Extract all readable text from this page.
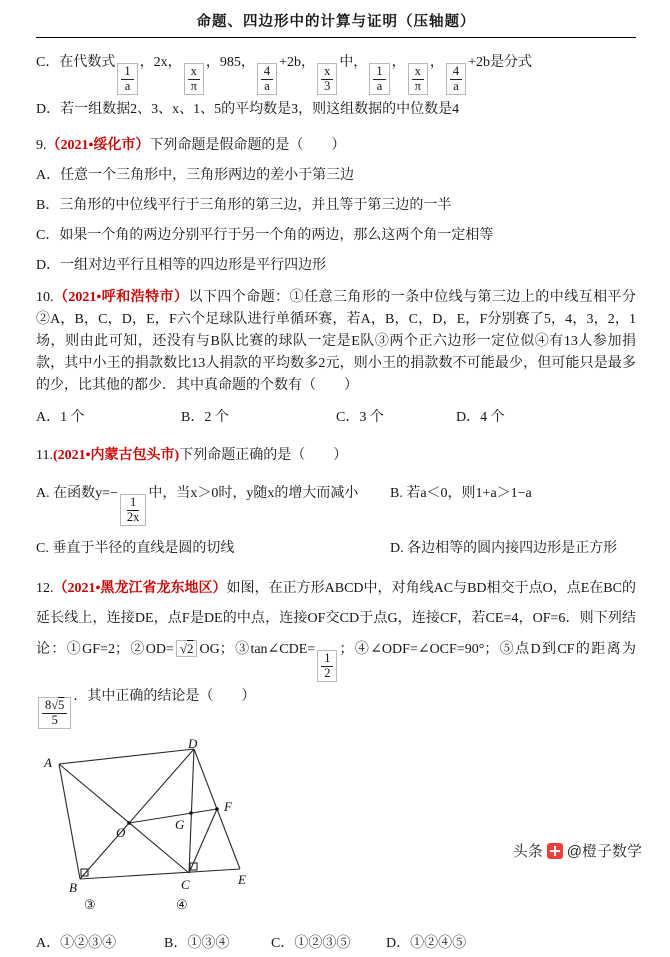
命题、四边形中的计算与证明（压轴题）

C．在代数式
$\frac{1}{a}$
，2x，
$\frac{x}{\pi}$
，985，
$\frac{4}{a}$
+2b，
$\frac{x}{3}$
中，
$\frac{1}{a}$
，
$\frac{x}{\pi}$
，
$\frac{4}{a}$
+2b是分式

D．若一组数据2、3、x、1、5的平均数是3，则这组数据的中位数是4

9.（2021•绥化市）下列命题是假命题的是（　　）

A．任意一个三角形中，三角形两边的差小于第三边

B．三角形的中位线平行于三角形的第三边，并且等于第三边的一半

C．如果一个角的两边分别平行于另一个角的两边，那么这两个角一定相等

D．一组对边平行且相等的四边形是平行四边形

10.（2021•呼和浩特市）以下四个命题：①任意三角形的一条中位线与第三边上的中线互相平分②A，B，C，D，E，F六个足球队进行单循环赛，若A，B，C，D，E，F分别赛了5，4，3，2，1场，则由此可知，还没有与B队比赛的球队一定是E队③两个正六边形一定位似④有13人参加捐款，其中小王的捐款数比13人捐款的平均数多2元，则小王的捐款数不可能最少，但可能只是最多的少，比其他的都少．其中真命题的个数有（　　）

A．1 个	B．2 个	C．3 个	D．4 个

11.(2021•内蒙古包头市)下列命题正确的是（　　）

A. 在函数y=−
$\frac{1}{2x}$
中，当x＞0时，y随x的增大而减小 B. 若a＜0，则1+a＞1−a
C. 垂直于半径的直线是圆的切线	D. 各边相等的圆内接四边形是正方形

12.（2021•黑龙江省龙东地区）如图，在正方形ABCD中，对角线AC与BD相交于点O，点E在BC的延长线上，连接DE，点F是DE的中点，连接OF交CD于点G，连接CF，若CE=4，OF=6．则下列结论：①GF=2；②OD= √2 OG；③tan∠CDE=
$\frac{1}{2}$
；④∠ODF=∠OCF=90°；⑤点D到CF的距离为
$\frac{8√5}{5}$
．其中正确的结论是（　　）

A
D
B	C	E
F
O
G
③	④
A．①②③④	B．①③④	C．①②③⑤	D．①②④⑤
头条 @橙子数学
